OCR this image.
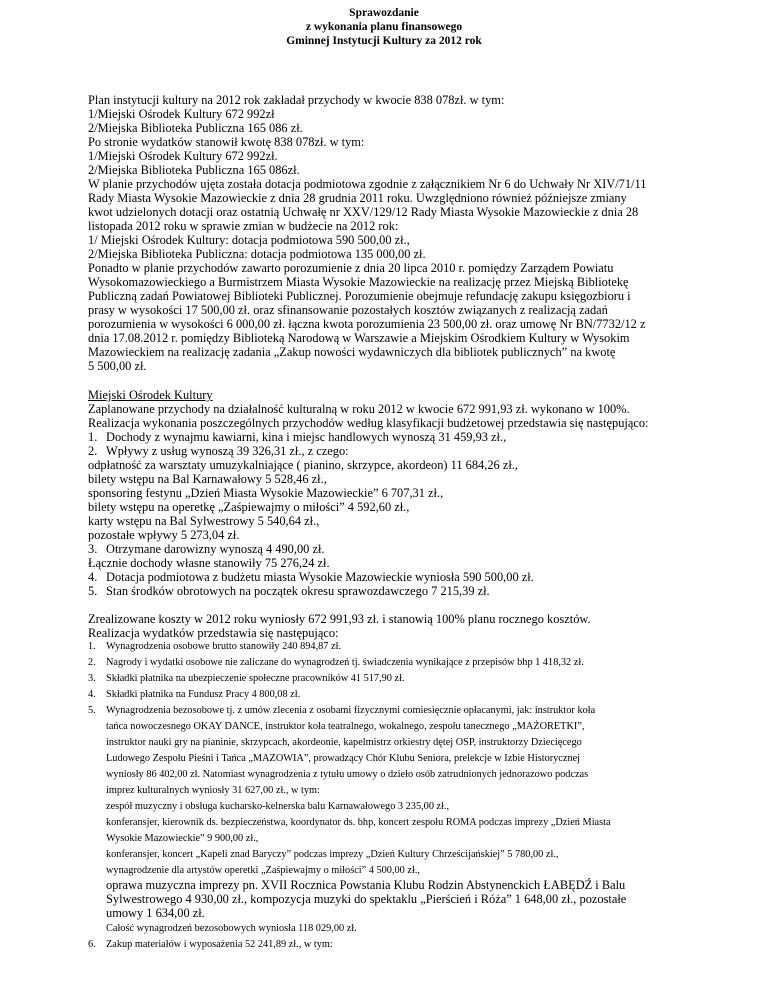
Sprawozdanie
z wykonania planu finansowego
Gminnej Instytucji Kultury za 2012 rok
Plan instytucji kultury na 2012 rok zakładał przychody w kwocie 838 078zł. w tym:
1/Miejski Ośrodek Kultury 672 992zł
2/Miejska Biblioteka Publiczna 165 086 zł.
Po stronie wydatków stanowił kwotę 838 078zł. w tym:
1/Miejski Ośrodek Kultury 672 992zł.
2/Miejska Biblioteka Publiczna 165 086zł.
W planie przychodów ujęta została dotacja podmiotowa zgodnie z załącznikiem Nr 6 do Uchwały Nr XIV/71/11
Rady Miasta Wysokie Mazowieckie z dnia 28 grudnia 2011 roku. Uwzględniono również późniejsze zmiany
kwot udzielonych dotacji oraz ostatnią Uchwałę nr XXV/129/12 Rady Miasta Wysokie Mazowieckie z dnia 28
listopada 2012 roku w sprawie zmian w budżecie na 2012 rok:
1/ Miejski Ośrodek Kultury: dotacja podmiotowa 590 500,00 zł.,
2/Miejska Biblioteka Publiczna: dotacja podmiotowa 135 000,00 zł.
Ponadto w planie przychodów zawarto porozumienie z dnia 20 lipca 2010 r. pomiędzy Zarządem Powiatu
Wysokomazowieckiego a Burmistrzem Miasta Wysokie Mazowieckie na realizację przez Miejską Bibliotekę
Publiczną zadań Powiatowej Biblioteki Publicznej. Porozumienie obejmuje refundację zakupu księgozbioru i
prasy w wysokości 17 500,00 zł. oraz sfinansowanie pozostałych kosztów związanych z realizacją zadań
porozumienia w wysokości 6 000,00 zł. łączna kwota porozumienia 23 500,00 zł. oraz umowę Nr BN/7732/12 z
dnia 17.08.2012 r. pomiędzy Biblioteką Narodową w Warszawie a Miejskim Ośrodkiem Kultury w Wysokim
Mazowieckiem na realizację zadania „Zakup nowości wydawniczych dla bibliotek publicznych” na kwotę
5 500,00 zł.
Miejski Ośrodek Kultury
Zaplanowane przychody na działalność kulturalną w roku 2012 w kwocie 672 991,93 zł. wykonano w 100%.
Realizacja wykonania poszczególnych przychodów według klasyfikacji budżetowej przedstawia się następująco:
1. Dochody z wynajmu kawiarni, kina i miejsc handlowych wynoszą 31 459,93 zł.,
2. Wpływy z usług wynoszą 39 326,31 zł., z czego:
odpłatność za warsztaty umuzykalniające ( pianino, skrzypce, akordeon) 11 684,26 zł.,
bilety wstępu na Bal Karnawałowy 5 528,46 zł.,
sponsoring festynu „Dzień Miasta Wysokie Mazowieckie” 6 707,31 zł.,
bilety wstępu na operetkę „Zaśpiewajmy o miłości” 4 592,60 zł.,
karty wstępu na Bal Sylwestrowy 5 540,64 zł.,
pozostałe wpływy 5 273,04 zł.
3. Otrzymane darowizny wynoszą 4 490,00 zł.
Łącznie dochody własne stanowiły 75 276,24 zł.
4. Dotacja podmiotowa z budżetu miasta Wysokie Mazowieckie wyniosła 590 500,00 zł.
5. Stan środków obrotowych na początek okresu sprawozdawczego 7 215,39 zł.
Zrealizowane koszty w 2012 roku wyniosły 672 991,93 zł. i stanowią 100% planu rocznego kosztów.
Realizacja wydatków przedstawia się następująco:
1. Wynagrodzenia osobowe brutto stanowiły 240 894,87 zł.
2. Nagrody i wydatki osobowe nie zaliczane do wynagrodzeń tj. świadczenia wynikające z przepisów bhp 1 418,32 zł.
3. Składki płatnika na ubezpieczenie społeczne pracowników 41 517,90 zł.
4. Składki płatnika na Fundusz Pracy 4 800,08 zł.
5. Wynagrodzenia bezosobowe tj. z umów zlecenia z osobami fizycznymi comiesięcznie opłacanymi, jak: instruktor koła
tańca nowoczesnego OKAY DANCE, instruktor koła teatralnego, wokalnego, zespołu tanecznego „MAŻORETKI”,
instruktor nauki gry na pianinie, skrzypcach, akordeonie, kapelmistrz orkiestry dętej OSP, instruktorzy Dziecięcego
Ludowego Zespołu Pieśni i Tańca „MAZOWIA”, prowadzący Chór Klubu Seniora, prelekcje w Izbie Historycznej
wyniosły 86 402,00 zł. Natomiast wynagrodzenia z tytułu umowy o dzieło osób zatrudnionych jednorazowo podczas
imprez kulturalnych wyniosły 31 627,00 zł., w tym:
zespół muzyczny i obsługa kucharsko-kelnerska balu Karnawałowego 3 235,00 zł.,
konferansjer, kierownik ds. bezpieczeństwa, koordynator ds. bhp, koncert zespołu ROMA podczas imprezy „Dzień Miasta
Wysokie Mazowieckie” 9 900,00 zł.,
konferansjer, koncert „Kapeli znad Baryczy” podczas imprezy „Dzień Kultury Chrześcijańskiej” 5 780,00 zł.,
wynagrodzenie dla artystów operetki „Zaśpiewajmy o miłości” 4 500,00 zł.,
oprawa muzyczna imprezy pn. XVII Rocznica Powstania Klubu Rodzin Abstynenckich ŁABĘDŹ i Balu
Sylwestrowego 4 930,00 zł., kompozycja muzyki do spektaklu „Pierścień i Róża” 1 648,00 zł., pozostałe
umowy 1 634,00 zł.
Całość wynagrodzeń bezosobowych wyniosła 118 029,00 zł.
6. Zakup materiałów i wyposażenia 52 241,89 zł., w tym:
